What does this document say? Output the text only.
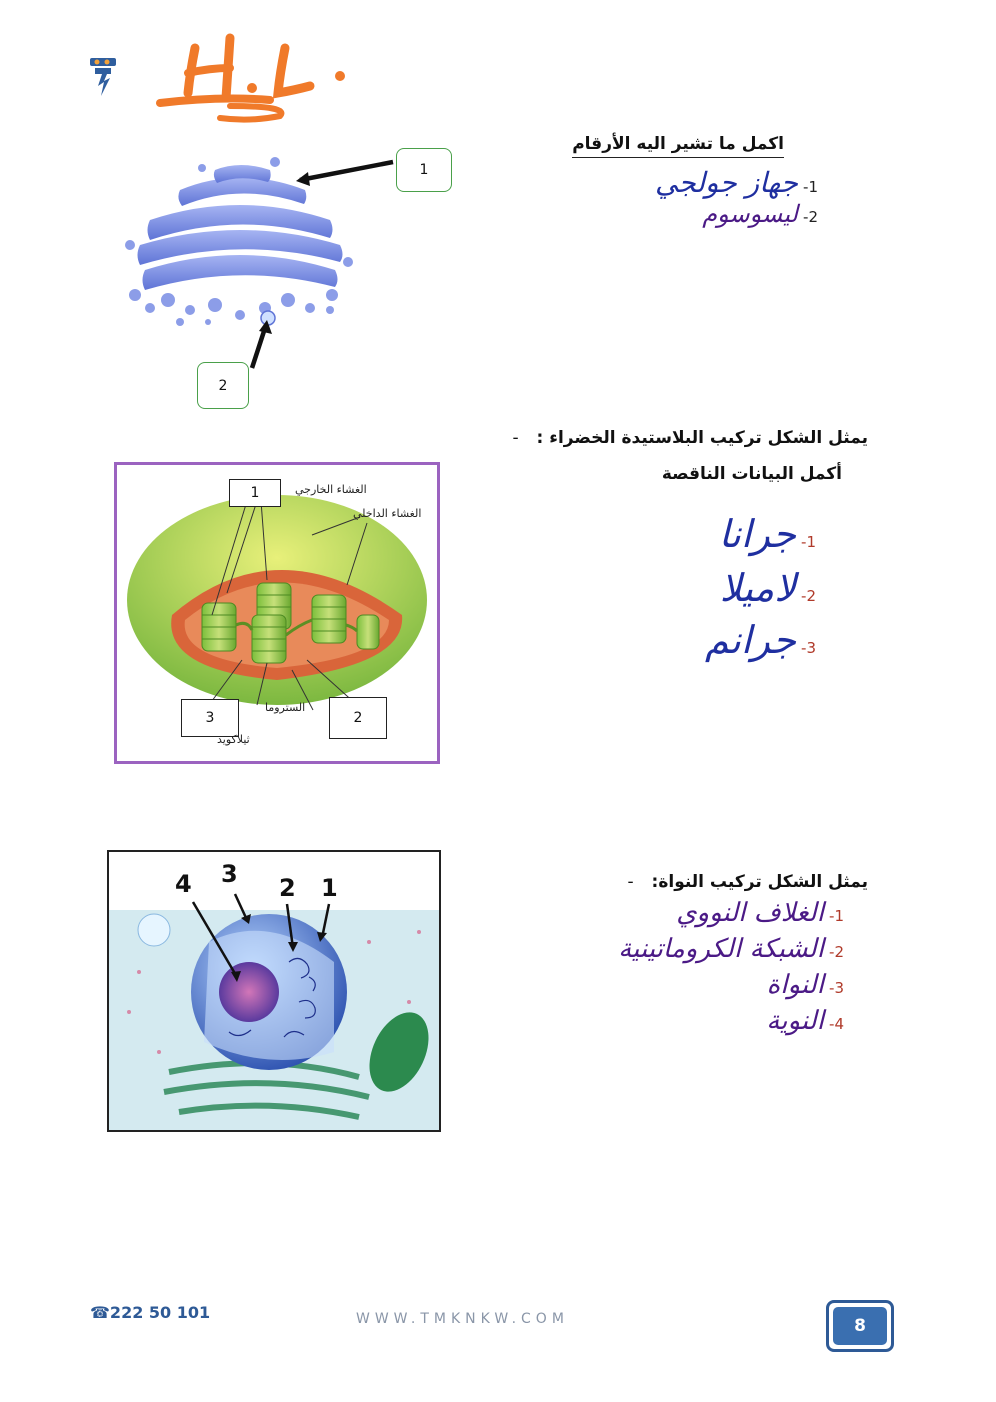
1
2
اكمل ما تشير اليه الأرقام
1- جهاز جولجي
2- ليسوسوم
يمثل الشكل تركيب البلاستيدة الخضراء : -
أكمل البيانات الناقصة
1
3	2
الغشاء الخارجي
الغشاء الداخلي
الستروما
ثيلاكويد
1- جرانا
2- لاميلا
3- جرانم
4 3 2 1	يمثل الشكل تركيب النواة: -
1- الغلاف النووي
2- الشبكة الكروماتينية
3- النواة
4- النوية
☎222 50 101	WWW.TMKNKW.COM	8
